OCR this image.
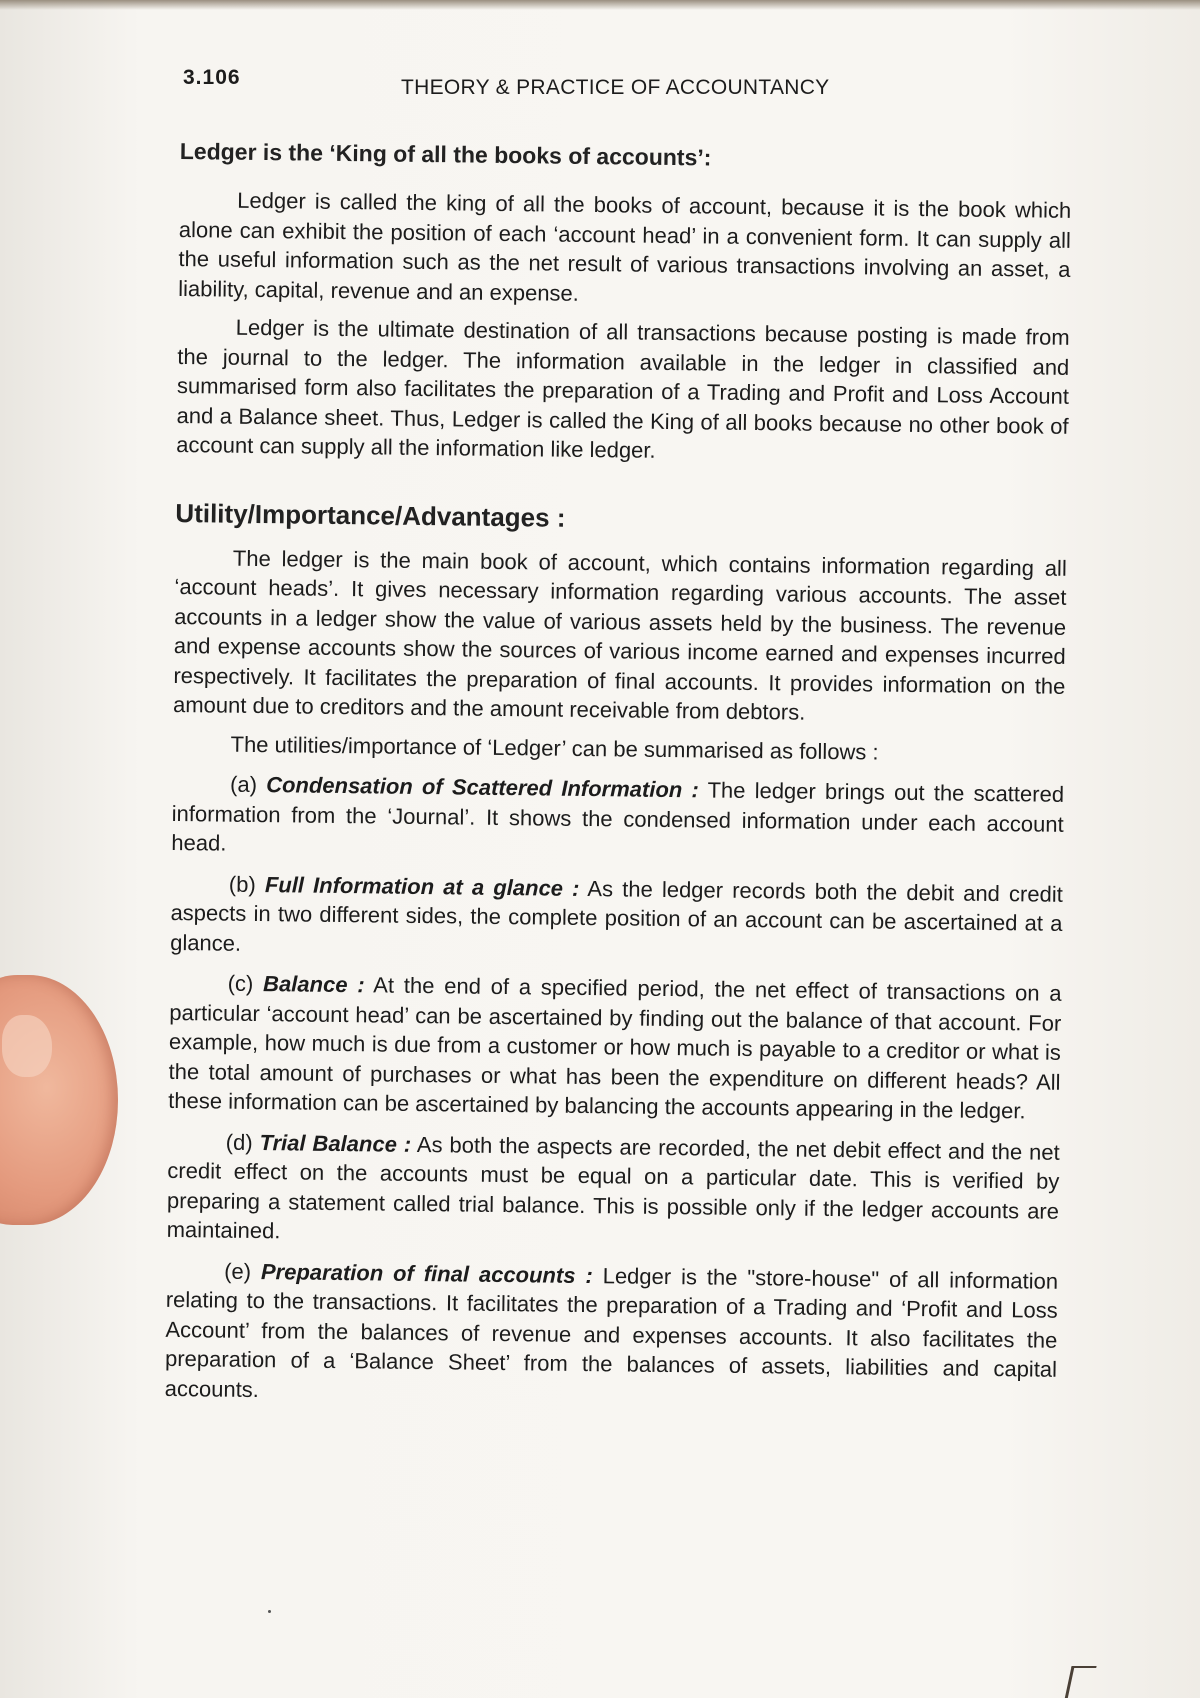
3.106	THEORY & PRACTICE OF ACCOUNTANCY
Ledger is the ‘King of all the books of accounts’:

Ledger is called the king of all the books of account, because it is the book which alone can exhibit the position of each ‘account head’ in a convenient form. It can supply all the useful information such as the net result of various transactions involving an asset, a liability, capital, revenue and an expense.

Ledger is the ultimate destination of all transactions because posting is made from the journal to the ledger. The information available in the ledger in classified and summarised form also facilitates the preparation of a Trading and Profit and Loss Account and a Balance sheet. Thus, Ledger is called the King of all books because no other book of account can supply all the information like ledger.

Utility/Importance/Advantages :

The ledger is the main book of account, which contains information regarding all ‘account heads’. It gives necessary information regarding various accounts. The asset accounts in a ledger show the value of various assets held by the business. The revenue and expense accounts show the sources of various income earned and expenses incurred respectively. It facilitates the preparation of final accounts. It provides information on the amount due to creditors and the amount receivable from debtors.

The utilities/importance of ‘Ledger’ can be summarised as follows :

(a) Condensation of Scattered Information : The ledger brings out the scattered information from the ‘Journal’. It shows the condensed information under each account head.

(b) Full Information at a glance : As the ledger records both the debit and credit aspects in two different sides, the complete position of an account can be ascertained at a glance.

(c) Balance : At the end of a specified period, the net effect of transactions on a particular ‘account head’ can be ascertained by finding out the balance of that account. For example, how much is due from a customer or how much is payable to a creditor or what is the total amount of purchases or what has been the expenditure on different heads? All these information can be ascertained by balancing the accounts appearing in the ledger.

(d) Trial Balance : As both the aspects are recorded, the net debit effect and the net credit effect on the accounts must be equal on a particular date. This is verified by preparing a statement called trial balance. This is possible only if the ledger accounts are maintained.

(e) Preparation of final accounts : Ledger is the "store-house" of all information relating to the transactions. It facilitates the preparation of a Trading and ‘Profit and Loss Account’ from the balances of revenue and expenses accounts. It also facilitates the preparation of a ‘Balance Sheet’ from the balances of assets, liabilities and capital accounts.
